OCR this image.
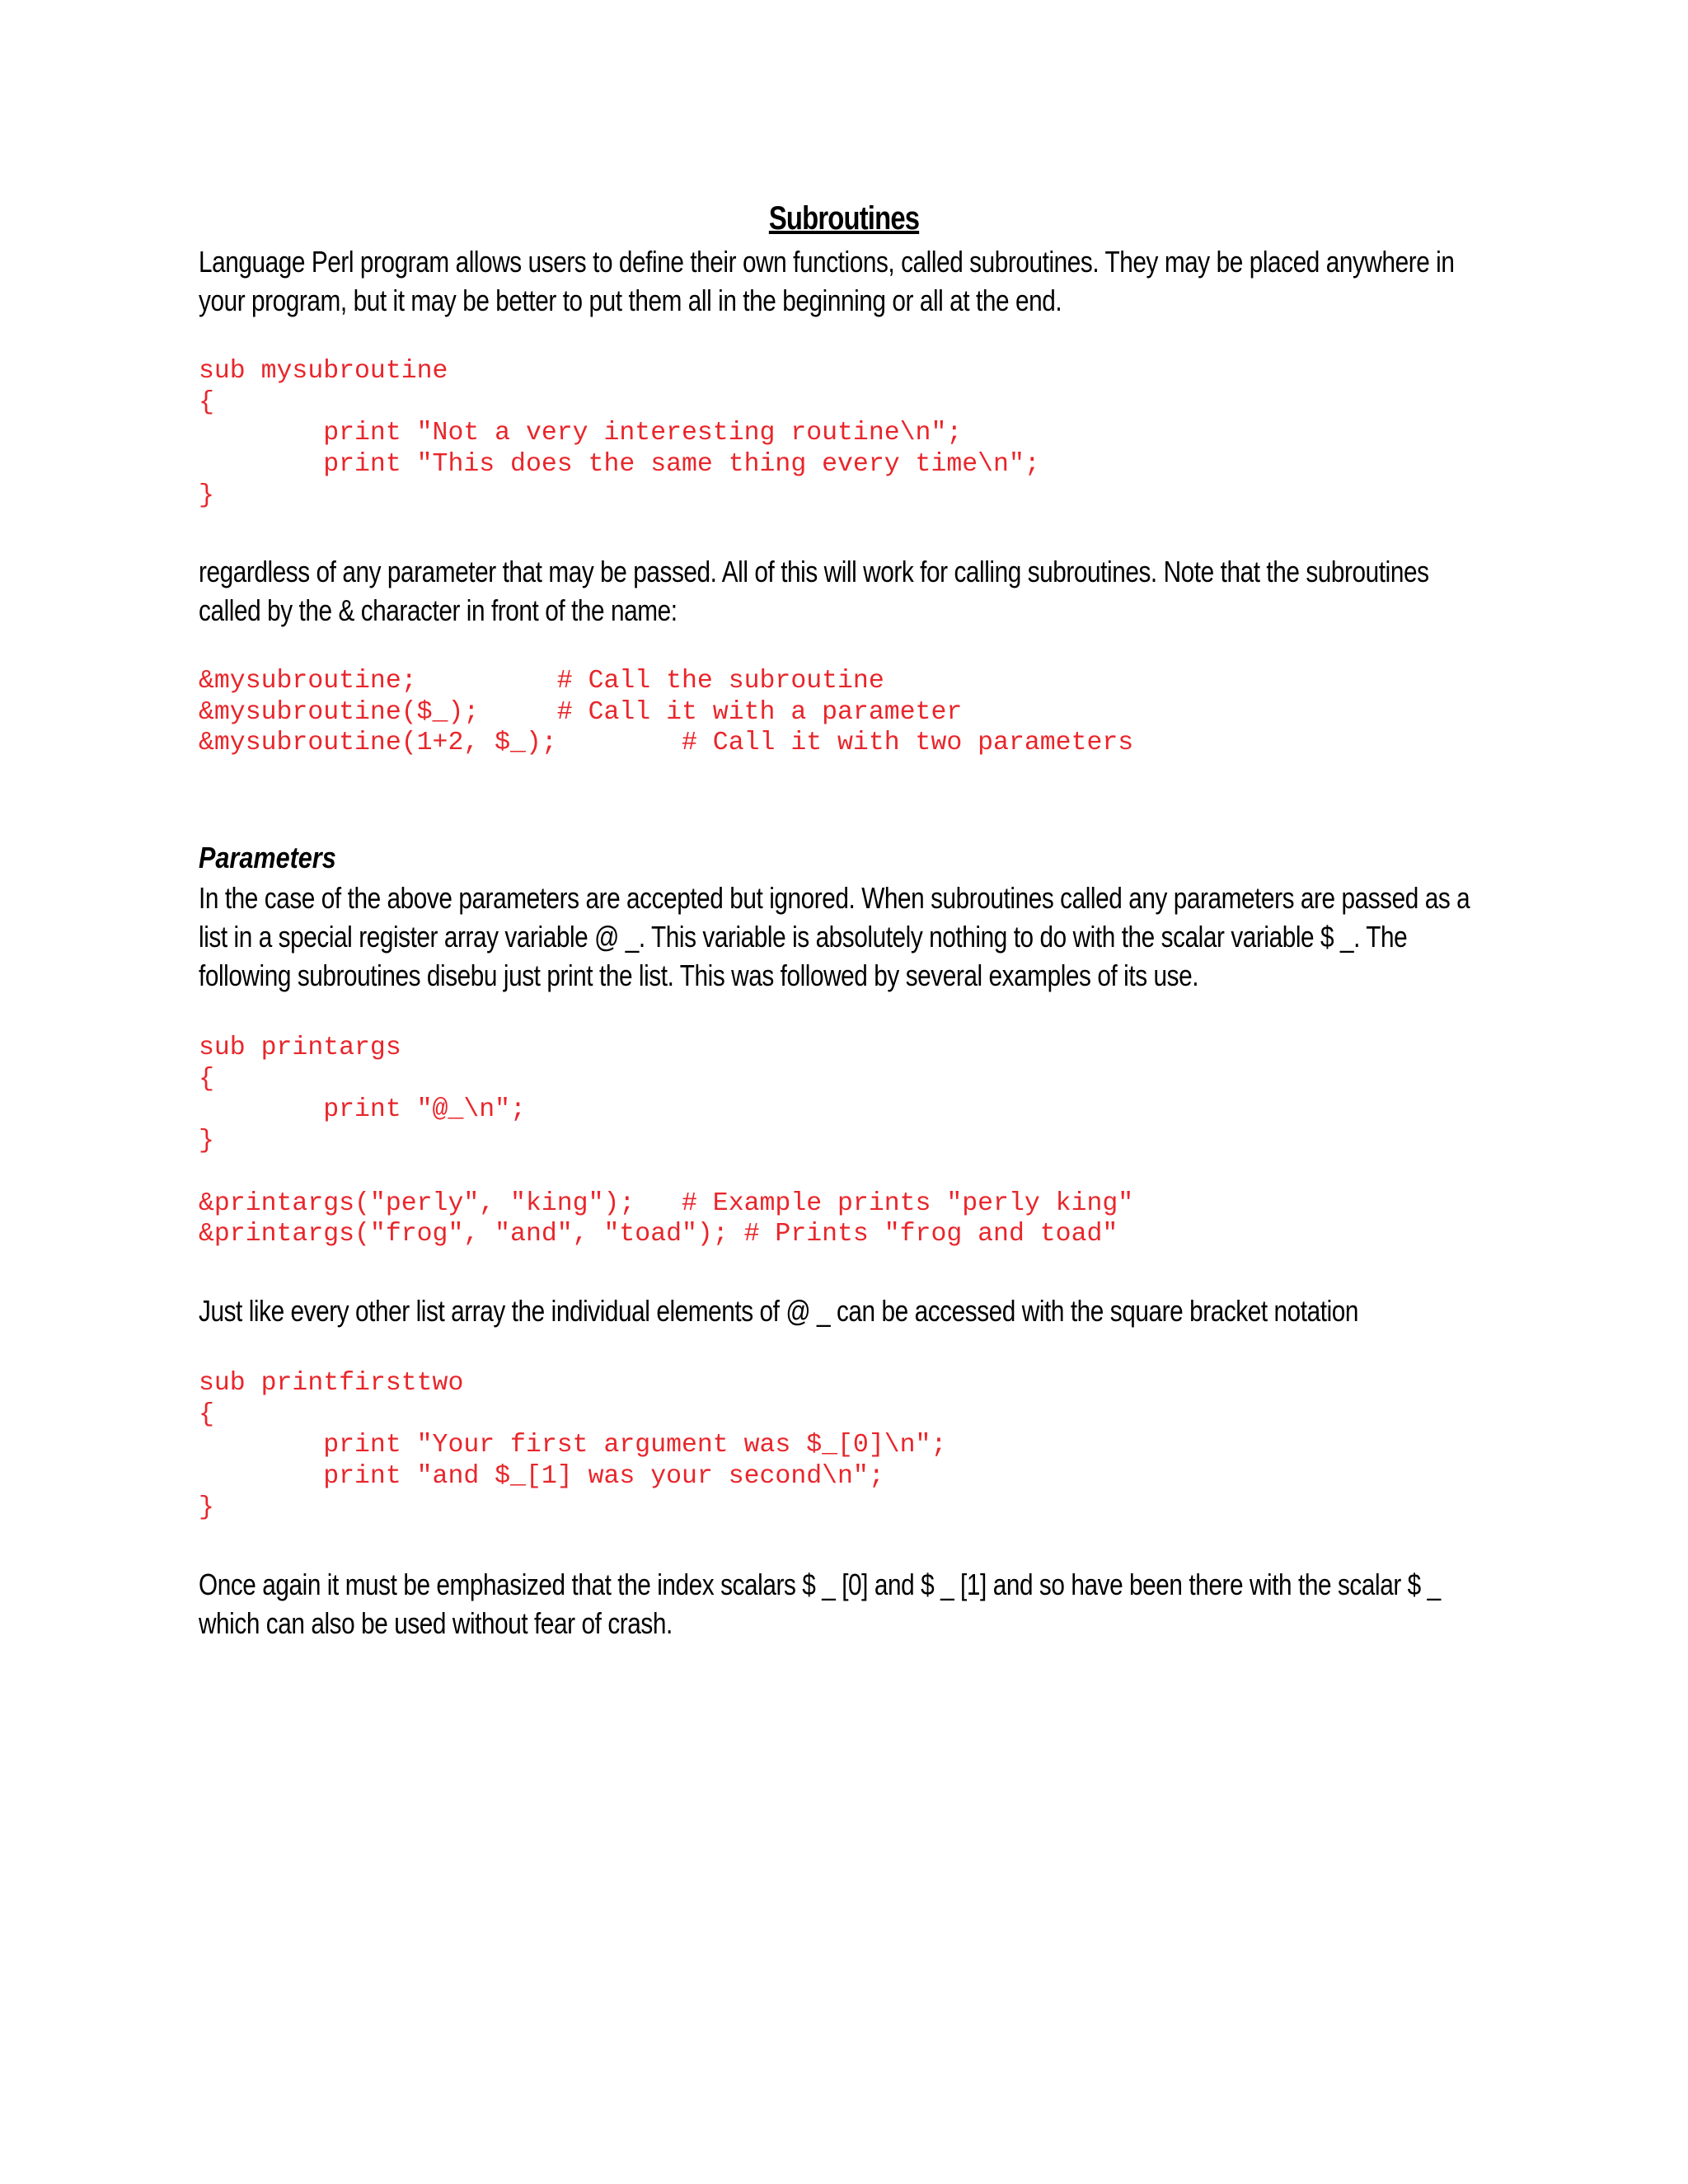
Subroutines

Language Perl program allows users to define their own functions, called subroutines. They may be placed anywhere in your program, but it may be better to put them all in the beginning or all at the end.

sub mysubroutine
{
print "Not a very interesting routine\n";
print "This does the same thing every time\n";
}

regardless of any parameter that may be passed. All of this will work for calling subroutines. Note that the subroutines called by the & character in front of the name:

&mysubroutine;         # Call the subroutine
&mysubroutine($_);     # Call it with a parameter
&mysubroutine(1+2, $_);        # Call it with two parameters

Parameters

In the case of the above parameters are accepted but ignored. When subroutines called any parameters are passed as a list in a special register array variable @ _. This variable is absolutely nothing to do with the scalar variable $ _. The following subroutines disebu just print the list. This was followed by several examples of its use.

sub printargs
{
print "@_\n";
}

&printargs("perly", "king");   # Example prints "perly king"
&printargs("frog", "and", "toad"); # Prints "frog and toad"

Just like every other list array the individual elements of @ _ can be accessed with the square bracket notation

sub printfirsttwo
{
print "Your first argument was $_[0]\n";
print "and $_[1] was your second\n";
}

Once again it must be emphasized that the index scalars $ _ [0] and $ _ [1] and so have been there with the scalar $ _ which can also be used without fear of crash.
